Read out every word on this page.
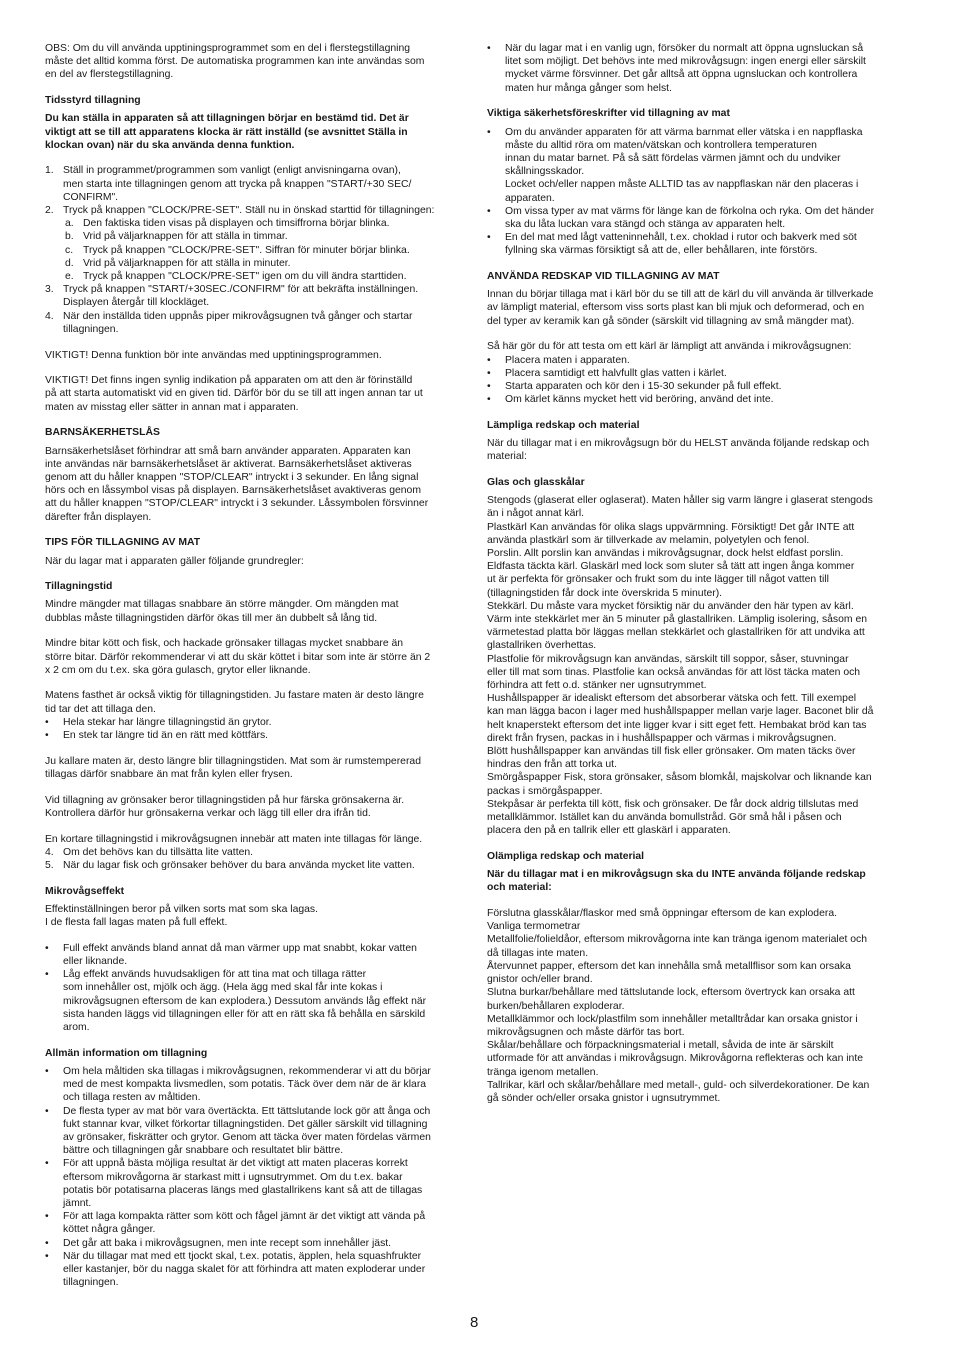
OBS: Om du vill använda upptiningsprogrammet som en del i flerstegstillagning
måste det alltid komma först. De automatiska programmen kan inte användas som
en del av flerstegstillagning.

Tidsstyrd tillagning

Du kan ställa in apparaten så att tillagningen börjar en bestämd tid. Det är
viktigt att se till att apparatens klocka är rätt inställd (se avsnittet Ställa in
klockan ovan) när du ska använda denna funktion.

1. Ställ in programmet/programmen som vanligt (enligt anvisningarna ovan),
men starta inte tillagningen genom att trycka på knappen "START/+30 SEC/
CONFIRM".
2. Tryck på knappen "CLOCK/PRE-SET". Ställ nu in önskad starttid för tillagningen:
a. Den faktiska tiden visas på displayen och timsiffrorna börjar blinka.
b. Vrid på väljarknappen för att ställa in timmar.
c. Tryck på knappen "CLOCK/PRE-SET". Siffran för minuter börjar blinka.
d. Vrid på väljarknappen för att ställa in minuter.
e. Tryck på knappen "CLOCK/PRE-SET" igen om du vill ändra starttiden.
3. Tryck på knappen "START/+30SEC./CONFIRM" för att bekräfta inställningen.
Displayen återgår till klockläget.
4. När den inställda tiden uppnås piper mikrovågsugnen två gånger och startar
tillagningen.

VIKTIGT! Denna funktion bör inte användas med upptiningsprogrammen.

VIKTIGT! Det finns ingen synlig indikation på apparaten om att den är förinställd
på att starta automatiskt vid en given tid. Därför bör du se till att ingen annan tar ut
maten av misstag eller sätter in annan mat i apparaten.

BARNSÄKERHETSLÅS

Barnsäkerhetslåset förhindrar att små barn använder apparaten. Apparaten kan
inte användas när barnsäkerhetslåset är aktiverat. Barnsäkerhetslåset aktiveras
genom att du håller knappen "STOP/CLEAR" intryckt i 3 sekunder. En lång signal
hörs och en låssymbol visas på displayen. Barnsäkerhetslåset avaktiveras genom
att du håller knappen "STOP/CLEAR" intryckt i 3 sekunder. Låssymbolen försvinner
därefter från displayen.

TIPS FÖR TILLAGNING AV MAT

När du lagar mat i apparaten gäller följande grundregler:

Tillagningstid

Mindre mängder mat tillagas snabbare än större mängder. Om mängden mat
dubblas måste tillagningstiden därför ökas till mer än dubbelt så lång tid.

Mindre bitar kött och fisk, och hackade grönsaker tillagas mycket snabbare än
större bitar. Därför rekommenderar vi att du skär köttet i bitar som inte är större än 2
x 2 cm om du t.ex. ska göra gulasch, grytor eller liknande.

Matens fasthet är också viktig för tillagningstiden. Ju fastare maten är desto längre
tid tar det att tillaga den.

• Hela stekar har längre tillagningstid än grytor.
• En stek tar längre tid än en rätt med köttfärs.

Ju kallare maten är, desto längre blir tillagningstiden. Mat som är rumstempererad
tillagas därför snabbare än mat från kylen eller frysen.

Vid tillagning av grönsaker beror tillagningstiden på hur färska grönsakerna är.
Kontrollera därför hur grönsakerna verkar och lägg till eller dra ifrån tid.

En kortare tillagningstid i mikrovågsugnen innebär att maten inte tillagas för länge.

4. Om det behövs kan du tillsätta lite vatten.
5. När du lagar fisk och grönsaker behöver du bara använda mycket lite vatten.

Mikrovågseffekt

Effektinställningen beror på vilken sorts mat som ska lagas.
I de flesta fall lagas maten på full effekt.

• Full effekt används bland annat då man värmer upp mat snabbt, kokar vatten
eller liknande.
• Låg effekt används huvudsakligen för att tina mat och tillaga rätter
som innehåller ost, mjölk och ägg. (Hela ägg med skal får inte kokas i
mikrovågsugnen eftersom de kan explodera.) Dessutom används låg effekt när
sista handen läggs vid tillagningen eller för att en rätt ska få behålla en särskild
arom.

Allmän information om tillagning

• Om hela måltiden ska tillagas i mikrovågsugnen, rekommenderar vi att du börjar
med de mest kompakta livsmedlen, som potatis. Täck över dem när de är klara
och tillaga resten av måltiden.
• De flesta typer av mat bör vara övertäckta. Ett tättslutande lock gör att ånga och
fukt stannar kvar, vilket förkortar tillagningstiden. Det gäller särskilt vid tillagning
av grönsaker, fiskrätter och grytor. Genom att täcka över maten fördelas värmen
bättre och tillagningen går snabbare och resultatet blir bättre.
• För att uppnå bästa möjliga resultat är det viktigt att maten placeras korrekt
eftersom mikrovågorna är starkast mitt i ugnsutrymmet. Om du t.ex. bakar
potatis bör potatisarna placeras längs med glastallrikens kant så att de tillagas
jämnt.
• För att laga kompakta rätter som kött och fågel jämnt är det viktigt att vända på
köttet några gånger.
• Det går att baka i mikrovågsugnen, men inte recept som innehåller jäst.
• När du tillagar mat med ett tjockt skal, t.ex. potatis, äpplen, hela squashfrukter
eller kastanjer, bör du nagga skalet för att förhindra att maten exploderar under
tillagningen.
• När du lagar mat i en vanlig ugn, försöker du normalt att öppna ugnsluckan så
litet som möjligt. Det behövs inte med mikrovågsugn: ingen energi eller särskilt
mycket värme försvinner. Det går alltså att öppna ugnsluckan och kontrollera
maten hur många gånger som helst.

Viktiga säkerhetsföreskrifter vid tillagning av mat

• Om du använder apparaten för att värma barnmat eller vätska i en nappflaska
måste du alltid röra om maten/vätskan och kontrollera temperaturen
innan du matar barnet. På så sätt fördelas värmen jämnt och du undviker
skållningsskador.
Locket och/eller nappen måste ALLTID tas av nappflaskan när den placeras i
apparaten.
• Om vissa typer av mat värms för länge kan de förkolna och ryka. Om det händer
ska du låta luckan vara stängd och stänga av apparaten helt.
• En del mat med lågt vatteninnehåll, t.ex. choklad i rutor och bakverk med söt
fyllning ska värmas försiktigt så att de, eller behållaren, inte förstörs.

ANVÄNDA REDSKAP VID TILLAGNING AV MAT

Innan du börjar tillaga mat i kärl bör du se till att de kärl du vill använda är tillverkade
av lämpligt material, eftersom viss sorts plast kan bli mjuk och deformerad, och en
del typer av keramik kan gå sönder (särskilt vid tillagning av små mängder mat).

Så här gör du för att testa om ett kärl är lämpligt att använda i mikrovågsugnen:

• Placera maten i apparaten.
• Placera samtidigt ett halvfullt glas vatten i kärlet.
• Starta apparaten och kör den i 15-30 sekunder på full effekt.
• Om kärlet känns mycket hett vid beröring, använd det inte.

Lämpliga redskap och material

När du tillagar mat i en mikrovågsugn bör du HELST använda följande redskap och
material:

Glas och glasskålar

Stengods (glaserat eller oglaserat). Maten håller sig varm längre i glaserat stengods
än i något annat kärl.
Plastkärl Kan användas för olika slags uppvärmning. Försiktigt! Det går INTE att
använda plastkärl som är tillverkade av melamin, polyetylen och fenol.
Porslin. Allt porslin kan användas i mikrovågsugnar, dock helst eldfast porslin.
Eldfasta täckta kärl. Glaskärl med lock som sluter så tätt att ingen ånga kommer
ut är perfekta för grönsaker och frukt som du inte lägger till något vatten till
(tillagningstiden får dock inte överskrida 5 minuter).
Stekkärl. Du måste vara mycket försiktig när du använder den här typen av kärl.
Värm inte stekkärlet mer än 5 minuter på glastallriken. Lämplig isolering, såsom en
värmetestad platta bör läggas mellan stekkärlet och glastallriken för att undvika att
glastallriken överhettas.
Plastfolie för mikrovågsugn kan användas, särskilt till soppor, såser, stuvningar
eller till mat som tinas. Plastfolie kan också användas för att löst täcka maten och
förhindra att fett o.d. stänker ner ugnsutrymmet.
Hushållspapper är idealiskt eftersom det absorberar vätska och fett. Till exempel
kan man lägga bacon i lager med hushållspapper mellan varje lager. Baconet blir då
helt knaperstekt eftersom det inte ligger kvar i sitt eget fett. Hembakat bröd kan tas
direkt från frysen, packas in i hushållspapper och värmas i mikrovågsugnen.
Blött hushållspapper kan användas till fisk eller grönsaker. Om maten täcks över
hindras den från att torka ut.
Smörgåspapper Fisk, stora grönsaker, såsom blomkål, majskolvar och liknande kan
packas i smörgåspapper.
Stekpåsar är perfekta till kött, fisk och grönsaker. De får dock aldrig tillslutas med
metallklämmor. Istället kan du använda bomullstråd. Gör små hål i påsen och
placera den på en tallrik eller ett glaskärl i apparaten.

Olämpliga redskap och material

När du tillagar mat i en mikrovågsugn ska du INTE använda följande redskap
och material:

Förslutna glasskålar/flaskor med små öppningar eftersom de kan explodera.
Vanliga termometrar
Metallfolie/folieldåor, eftersom mikrovågorna inte kan tränga igenom materialet och
då tillagas inte maten.
Återvunnet papper, eftersom det kan innehålla små metallflisor som kan orsaka
gnistor och/eller brand.
Slutna burkar/behållare med tättslutande lock, eftersom övertryck kan orsaka att
burken/behållaren exploderar.
Metallklämmor och lock/plastfilm som innehåller metalltrådar kan orsaka gnistor i
mikrovågsugnen och måste därför tas bort.
Skålar/behållare och förpackningsmaterial i metall, såvida de inte är särskilt
utformade för att användas i mikrovågsugn. Mikrovågorna reflekteras och kan inte
tränga igenom metallen.
Tallrikar, kärl och skålar/behållare med metall-, guld- och silverdekorationer. De kan
gå sönder och/eller orsaka gnistor i ugnsutrymmet.

8
